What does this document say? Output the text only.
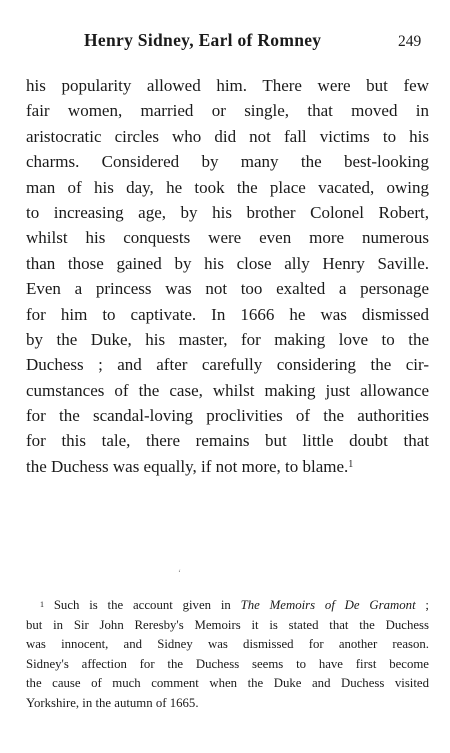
Henry Sidney, Earl of Romney	249
his popularity allowed him. There were but few
fair women, married or single, that moved in
aristocratic circles who did not fall victims to his
charms. Considered by many the best-looking
man of his day, he took the place vacated, owing
to increasing age, by his brother Colonel Robert,
whilst his conquests were even more numerous
than those gained by his close ally Henry Saville.
Even a princess was not too exalted a personage
for him to captivate. In 1666 he was dismissed
by the Duke, his master, for making love to the
Duchess ; and after carefully considering the cir-
cumstances of the case, whilst making just allowance
for the scandal-loving proclivities of the authorities
for this tale, there remains but little doubt that
the Duchess was equally, if not more, to blame.$^1$
‘
$^1$ Such is the account given in The Memoirs of De Gramont ;
but in Sir John Reresby's Memoirs it is stated that the Duchess
was innocent, and Sidney was dismissed for another reason.
Sidney's affection for the Duchess seems to have first become
the cause of much comment when the Duke and Duchess visited
Yorkshire, in the autumn of 1665.
